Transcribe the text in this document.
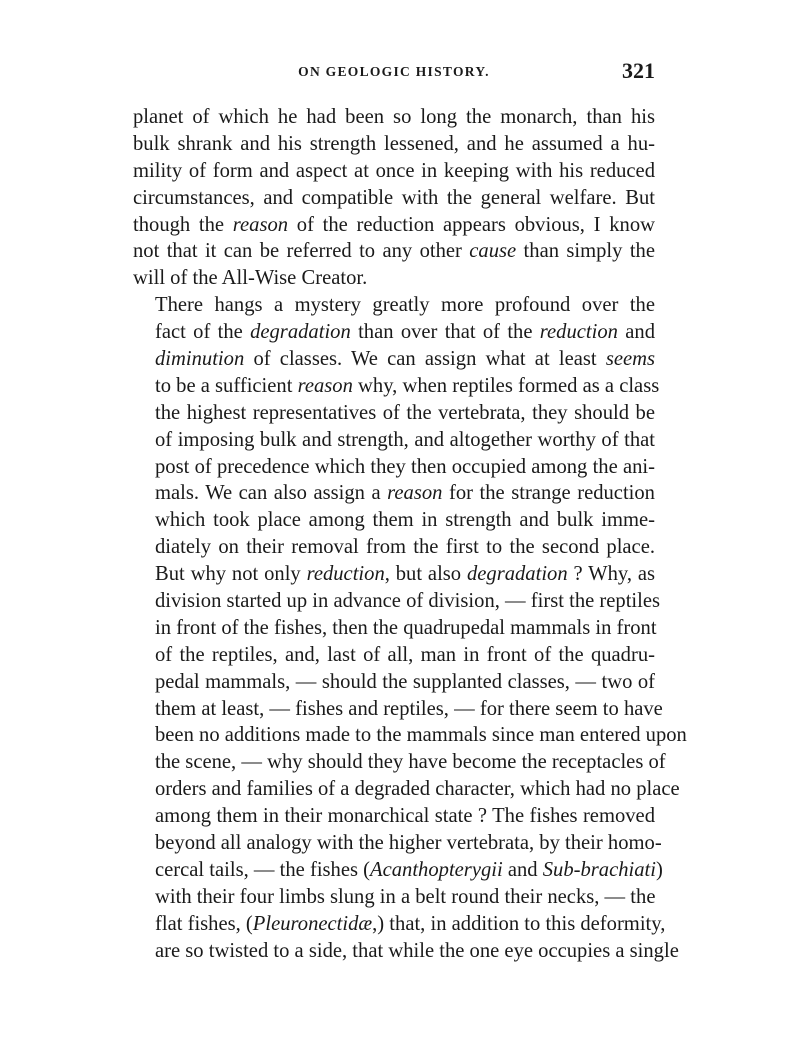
ON GEOLOGIC HISTORY.	321
planet of which he had been so long the monarch, than his
bulk shrank and his strength lessened, and he assumed a hu-
mility of form and aspect at once in keeping with his reduced
circumstances, and compatible with the general welfare. But
though the reason of the reduction appears obvious, I know
not that it can be referred to any other cause than simply the
will of the All-Wise Creator.
There hangs a mystery greatly more profound over the
fact of the degradation than over that of the reduction and
diminution of classes. We can assign what at least seems
to be a sufficient reason why, when reptiles formed as a class
the highest representatives of the vertebrata, they should be
of imposing bulk and strength, and altogether worthy of that
post of precedence which they then occupied among the ani-
mals. We can also assign a reason for the strange reduction
which took place among them in strength and bulk imme-
diately on their removal from the first to the second place.
But why not only reduction, but also degradation ? Why, as
division started up in advance of division, — first the reptiles
in front of the fishes, then the quadrupedal mammals in front
of the reptiles, and, last of all, man in front of the quadru-
pedal mammals, — should the supplanted classes, — two of
them at least, — fishes and reptiles, — for there seem to have
been no additions made to the mammals since man entered upon
the scene, — why should they have become the receptacles of
orders and families of a degraded character, which had no place
among them in their monarchical state ? The fishes removed
beyond all analogy with the higher vertebrata, by their homo-
cercal tails, — the fishes (Acanthopterygii and Sub-brachiati)
with their four limbs slung in a belt round their necks, — the
flat fishes, (Pleuronectidæ,) that, in addition to this deformity,
are so twisted to a side, that while the one eye occupies a single
